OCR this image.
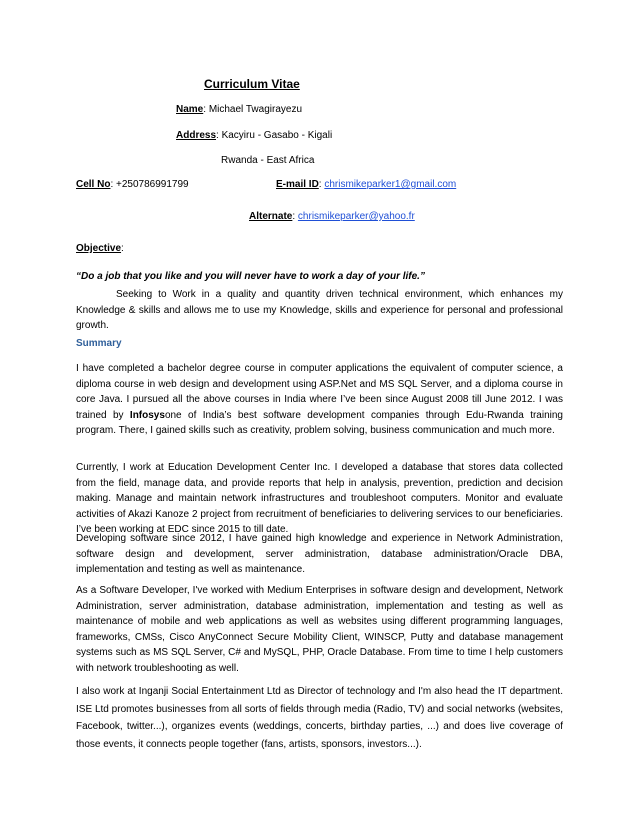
Curriculum Vitae
Name: Michael Twagirayezu
Address: Kacyiru - Gasabo - Kigali
Rwanda - East Africa
Cell No: +250786991799	E-mail ID: chrismikeparker1@gmail.com
Alternate: chrismikeparker@yahoo.fr
Objective:
“Do a job that you like and you will never have to work a day of your life.”

Seeking to Work in a quality and quantity driven technical environment, which enhances my Knowledge & skills and allows me to use my Knowledge, skills and experience for personal and professional growth.

Summary

I have completed a bachelor degree course in computer applications the equivalent of computer science, a diploma course in web design and development using ASP.Net and MS SQL Server, and a diploma course in core Java. I pursued all the above courses in India where I’ve been since August 2008 till June 2012. I was trained by Infosysone of India’s best software development companies through Edu-Rwanda training program. There, I gained skills such as creativity, problem solving, business communication and much more.

Currently, I work at Education Development Center Inc. I developed a database that stores data collected from the field, manage data, and provide reports that help in analysis, prevention, prediction and decision making. Manage and maintain network infrastructures and troubleshoot computers. Monitor and evaluate activities of Akazi Kanoze 2 project from recruitment of beneficiaries to delivering services to our beneficiaries. I’ve been working at EDC since 2015 to till date.

Developing software since 2012, I have gained high knowledge and experience in Network Administration, software design and development, server administration, database administration/Oracle DBA, implementation and testing as well as maintenance.

As a Software Developer, I've worked with Medium Enterprises in software design and development, Network Administration, server administration, database administration, implementation and testing as well as maintenance of mobile and web applications as well as websites using different programming languages, frameworks, CMSs, Cisco AnyConnect Secure Mobility Client, WINSCP, Putty and database management systems such as MS SQL Server, C# and MySQL, PHP, Oracle Database. From time to time I help customers with network troubleshooting as well.

I also work at Inganji Social Entertainment Ltd as Director of technology and I'm also head the IT department. ISE Ltd promotes businesses from all sorts of fields through media (Radio, TV) and social networks (websites, Facebook, twitter...), organizes events (weddings, concerts, birthday parties, ...) and does live coverage of those events, it connects people together (fans, artists, sponsors, investors...).
